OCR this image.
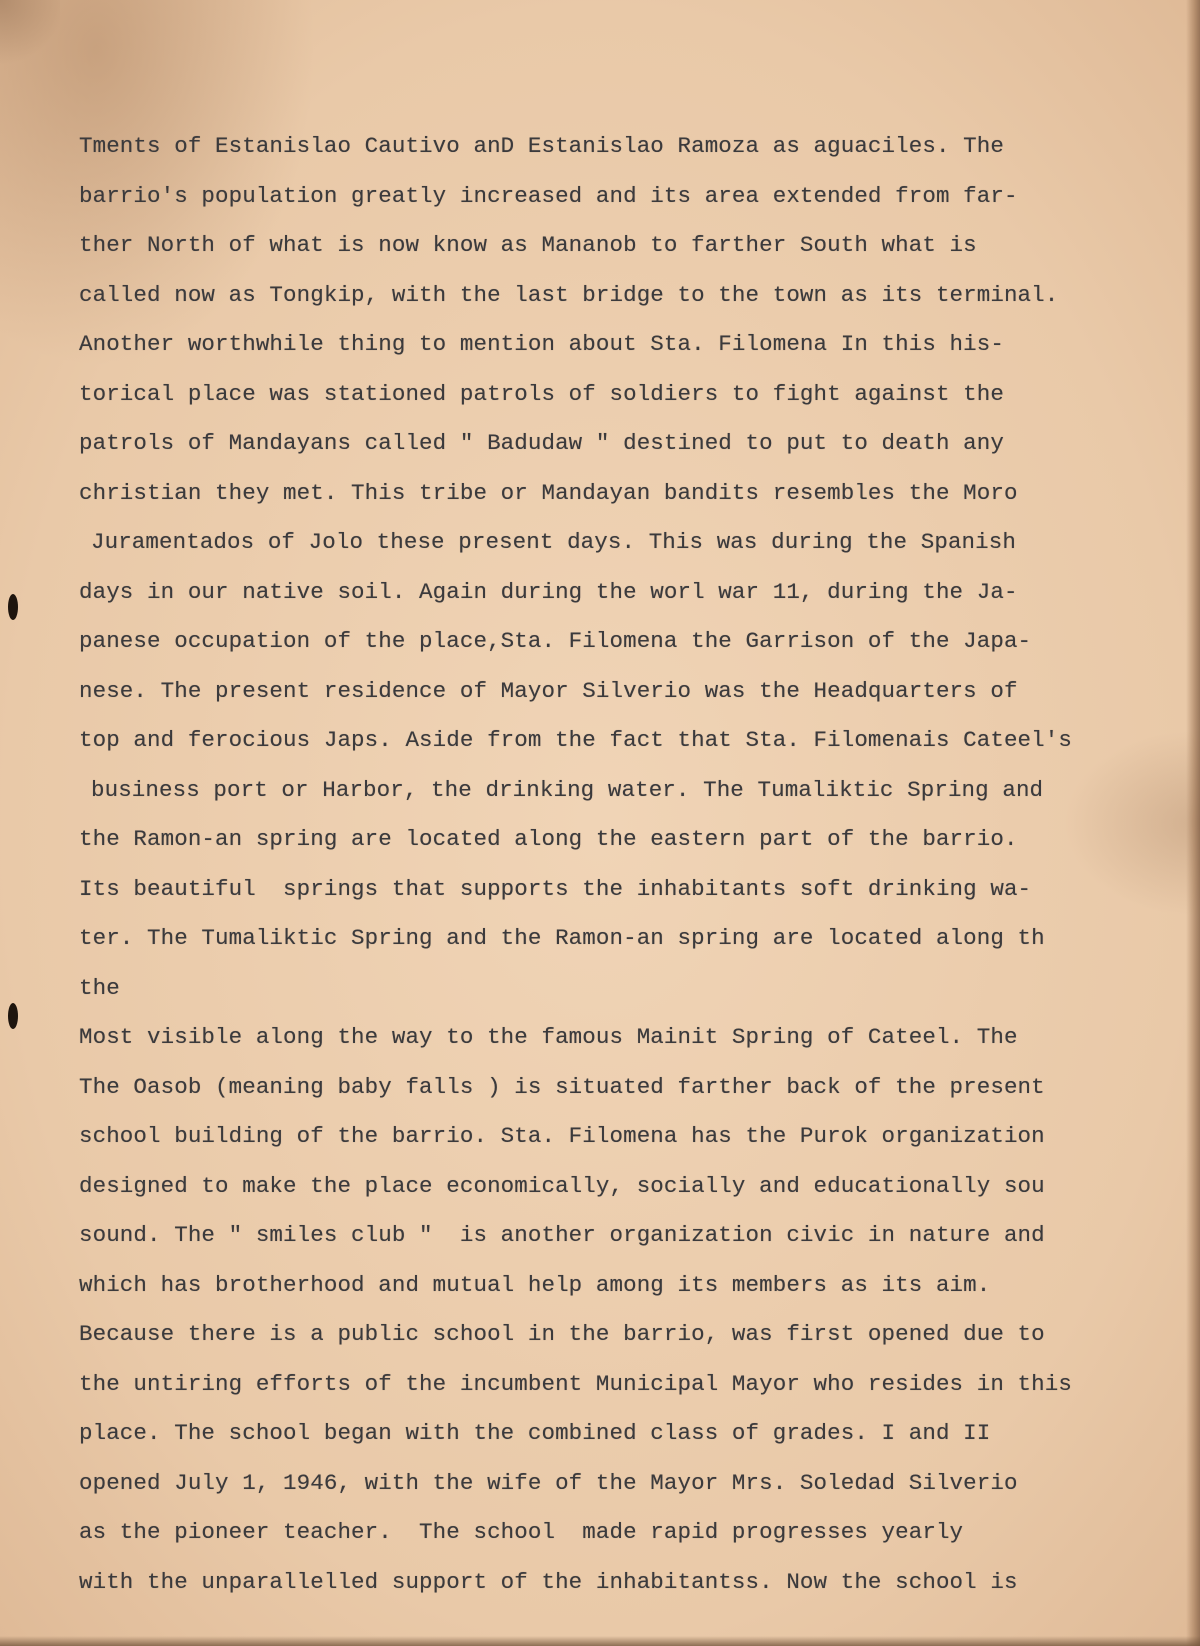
Tments of Estanislao Cautivo anD Estanislao Ramoza as aguaciles. The
barrio's population greatly increased and its area extended from far-
ther North of what is now know as Mananob to farther South what is
called now as Tongkip, with the last bridge to the town as its terminal.
Another worthwhile thing to mention about Sta. Filomena In this his-
torical place was stationed patrols of soldiers to fight against the
patrols of Mandayans called " Badudaw " destined to put to death any
christian they met. This tribe or Mandayan bandits resembles the Moro
Juramentados of Jolo these present days. This was during the Spanish
days in our native soil. Again during the worl war 11, during the Ja-
panese occupation of the place,Sta. Filomena the Garrison of the Japa-
nese. The present residence of Mayor Silverio was the Headquarters of
top and ferocious Japs. Aside from the fact that Sta. Filomenais Cateel's
business port or Harbor, the drinking water. The Tumaliktic Spring and
the Ramon-an spring are located along the eastern part of the barrio.
Its beautiful  springs that supports the inhabitants soft drinking wa-
ter. The Tumaliktic Spring and the Ramon-an spring are located along th
the
Most visible along the way to the famous Mainit Spring of Cateel. The
The Oasob (meaning baby falls ) is situated farther back of the present
school building of the barrio. Sta. Filomena has the Purok organization
designed to make the place economically, socially and educationally sou
sound. The " smiles club "  is another organization civic in nature and
which has brotherhood and mutual help among its members as its aim.
Because there is a public school in the barrio, was first opened due to
the untiring efforts of the incumbent Municipal Mayor who resides in this
place. The school began with the combined class of grades. I and II
opened July 1, 1946, with the wife of the Mayor Mrs. Soledad Silverio
as the pioneer teacher.  The school  made rapid progresses yearly
with the unparallelled support of the inhabitantss. Now the school is
